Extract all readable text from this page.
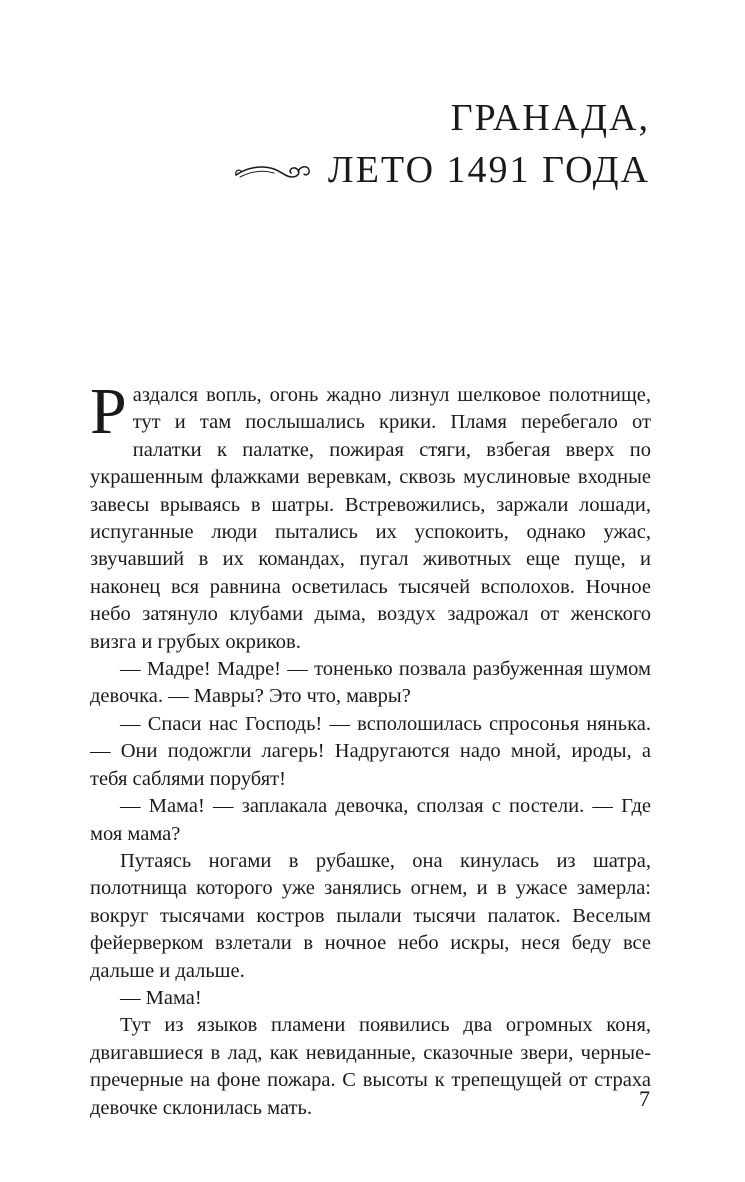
ГРАНАДА,
ЛЕТО 1491 ГОДА

Раздался вопль, огонь жадно лизнул шелковое полотнище, тут и там послышались крики. Пламя перебегало от палатки к палатке, пожирая стяги, взбегая вверх по украшенным флажками веревкам, сквозь муслиновые входные завесы врываясь в шатры. Встревожились, заржали лошади, испуганные люди пытались их успокоить, однако ужас, звучавший в их командах, пугал животных еще пуще, и наконец вся равнина осветилась тысячей всполохов. Ночное небо затянуло клубами дыма, воздух задрожал от женского визга и грубых окриков.

— Мадре! Мадре! — тоненько позвала разбуженная шумом девочка. — Мавры? Это что, мавры?

— Спаси нас Господь! — всполошилась спросонья нянька. — Они подожгли лагерь! Надругаются надо мной, ироды, а тебя саблями порубят!

— Мама! — заплакала девочка, сползая с постели. — Где моя мама?

Путаясь ногами в рубашке, она кинулась из шатра, полотнища которого уже занялись огнем, и в ужасе замерла: вокруг тысячами костров пылали тысячи палаток. Веселым фейерверком взлетали в ночное небо искры, неся беду все дальше и дальше.

— Мама!

Тут из языков пламени появились два огромных коня, двигавшиеся в лад, как невиданные, сказочные звери, черные-пречерные на фоне пожара. С высоты к трепещущей от страха девочке склонилась мать.	7
